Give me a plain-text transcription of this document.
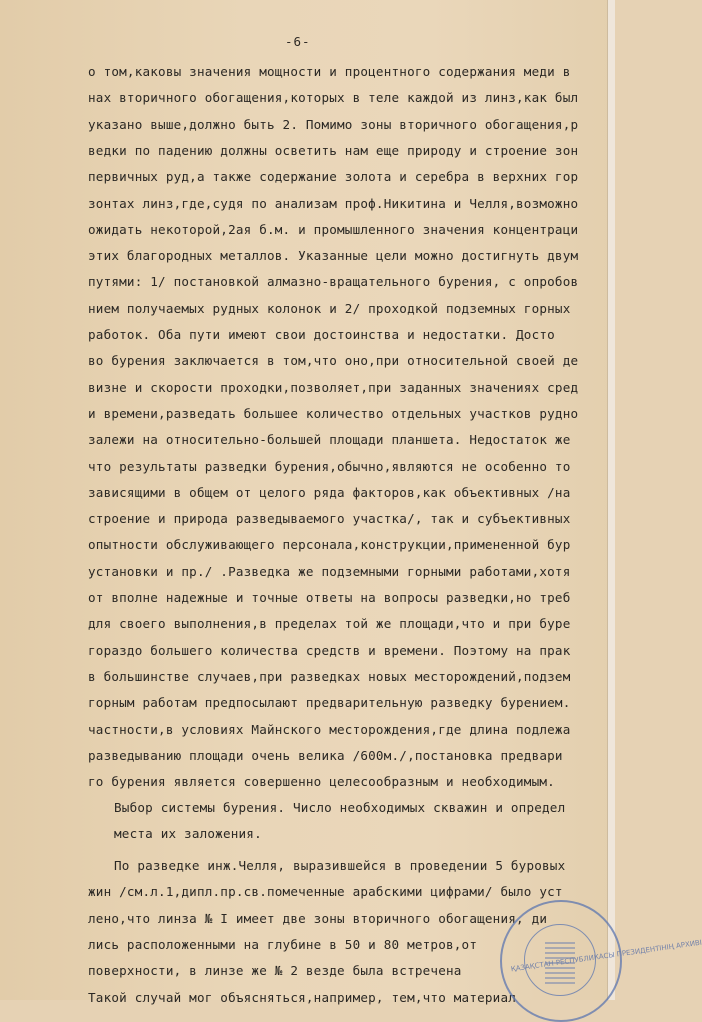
-6-
о том,каковы значения мощности и процентного содержания меди в
нах вторичного обогащения,которых в теле каждой из линз,как был
указано выше,должно быть 2. Помимо зоны вторичного обогащения,р
ведки по падению должны осветить нам еще природу и строение зон
первичных руд,а также содержание золота и серебра в верхних гор
зонтах линз,где,судя по анализам проф.Никитина и Челля,возможно
ожидать некоторой,2ая б.м. и промышленного значения концентраци
этих благородных металлов. Указанные цели можно достигнуть двум
путями: 1/ постановкой алмазно-вращательного бурения, с опробов
нием получаемых рудных колонок и 2/ проходкой подземных горных
работок. Оба пути имеют свои достоинства и недостатки. Досто
во бурения заключается в том,что оно,при относительной своей де
визне и скорости проходки,позволяет,при заданных значениях сред
и времени,разведать большее количество отдельных участков рудно
залежи на относительно-большей площади планшета. Недостаток же
что результаты разведки бурения,обычно,являются не особенно то
зависящими в общем от целого ряда факторов,как объективных /на
строение и природа разведываемого участка/, так и субъективных
опытности обслуживающего персонала,конструкции,примененной бур
установки и пр./ .Разведка же подземными горными работами,хотя
от вполне надежные и точные ответы на вопросы разведки,но треб
для своего выполнения,в пределах той же площади,что и при буре
гораздо большего количества средств и времени. Поэтому на прак
в большинстве случаев,при разведках новых месторождений,подзем
горным работам предпосылают предварительную разведку бурением.
частности,в условиях Майнского месторождения,где длина подлежа
разведыванию площади очень велика /600м./,постановка предвари
го бурения является совершенно целесообразным и необходимым.
Выбор системы бурения. Число необходимых скважин и определ
места их заложения.
По разведке инж.Челля, выразившейся в проведении 5 буровых
жин /см.л.1,дипл.пр.св.помеченные арабскими цифрами/ было уст
лено,что линза № I имеет две зоны вторичного обогащения, ди
лись расположенными на глубине в 50 и 80 метров,от
поверхности, в линзе же № 2 везде была встречена
Такой случай мог объясняться,например, тем,что материал
ҚАЗАҚСТАН РЕСПУБЛИКАСЫ ПРЕЗИДЕНТІНІҢ АРХИВІ
